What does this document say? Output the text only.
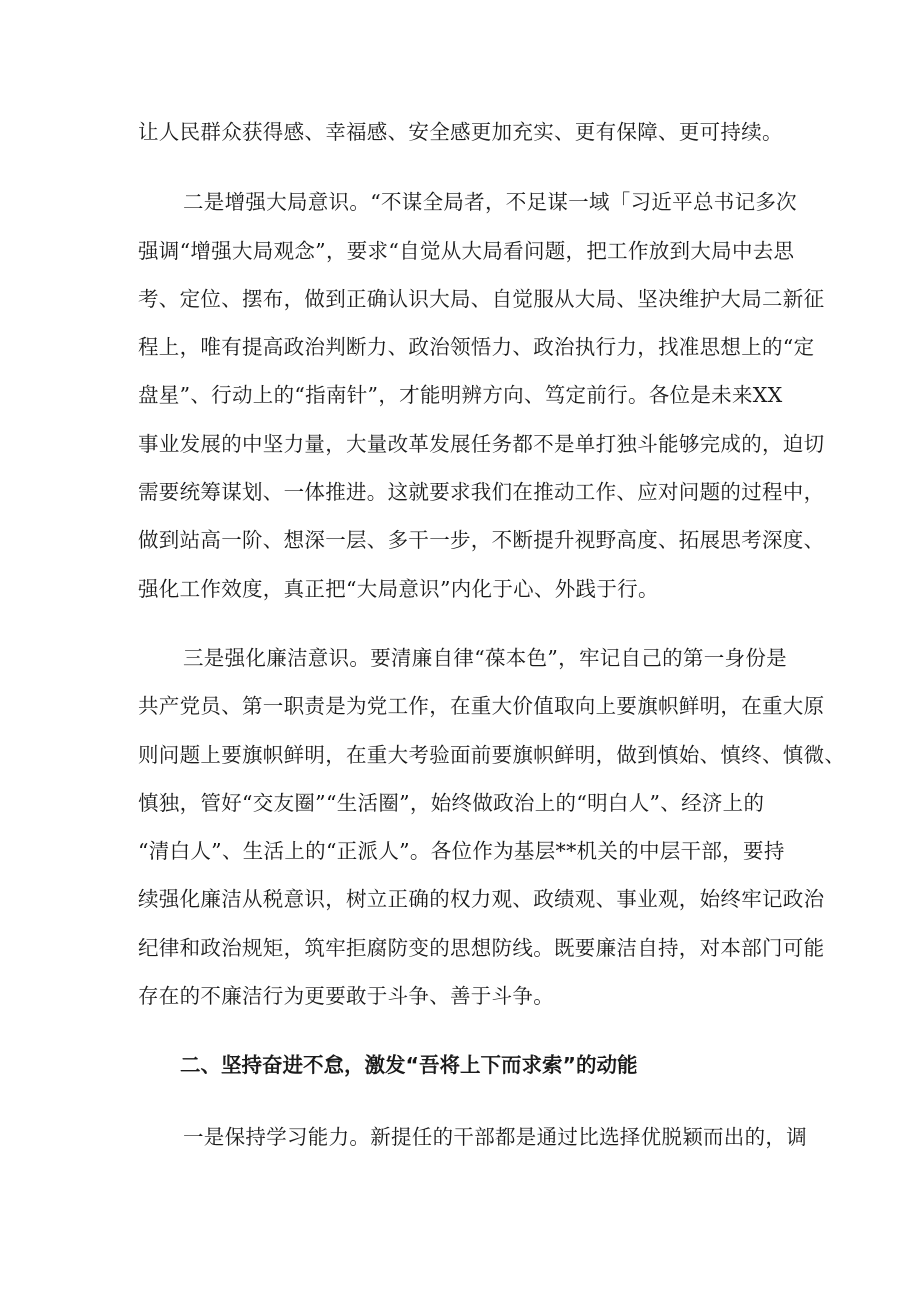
让人民群众获得感、幸福感、安全感更加充实、更有保障、更可持续。
二是增强大局意识。“不谋全局者，不足谋一域「习近平总书记多次
强调“增强大局观念”，要求“自觉从大局看问题，把工作放到大局中去思
考、定位、摆布，做到正确认识大局、自觉服从大局、坚决维护大局二新征
程上，唯有提高政治判断力、政治领悟力、政治执行力，找准思想上的“定
盘星”、行动上的“指南针”，才能明辨方向、笃定前行。各位是未来XX
事业发展的中坚力量，大量改革发展任务都不是单打独斗能够完成的，迫切
需要统筹谋划、一体推进。这就要求我们在推动工作、应对问题的过程中，
做到站高一阶、想深一层、多干一步，不断提升视野高度、拓展思考深度、
强化工作效度，真正把“大局意识”内化于心、外践于行。
三是强化廉洁意识。要清廉自律“葆本色”，牢记自己的第一身份是
共产党员、第一职责是为党工作，在重大价值取向上要旗帜鲜明，在重大原
则问题上要旗帜鲜明，在重大考验面前要旗帜鲜明，做到慎始、慎终、慎微、
慎独，管好“交友圈”“生活圈”，始终做政治上的“明白人”、经济上的
“清白人”、生活上的“正派人”。各位作为基层**机关的中层干部，要持
续强化廉洁从税意识，树立正确的权力观、政绩观、事业观，始终牢记政治
纪律和政治规矩，筑牢拒腐防变的思想防线。既要廉洁自持，对本部门可能
存在的不廉洁行为更要敢于斗争、善于斗争。
二、坚持奋进不怠，激发“吾将上下而求索”的动能
一是保持学习能力。新提任的干部都是通过比选择优脱颖而出的，调
